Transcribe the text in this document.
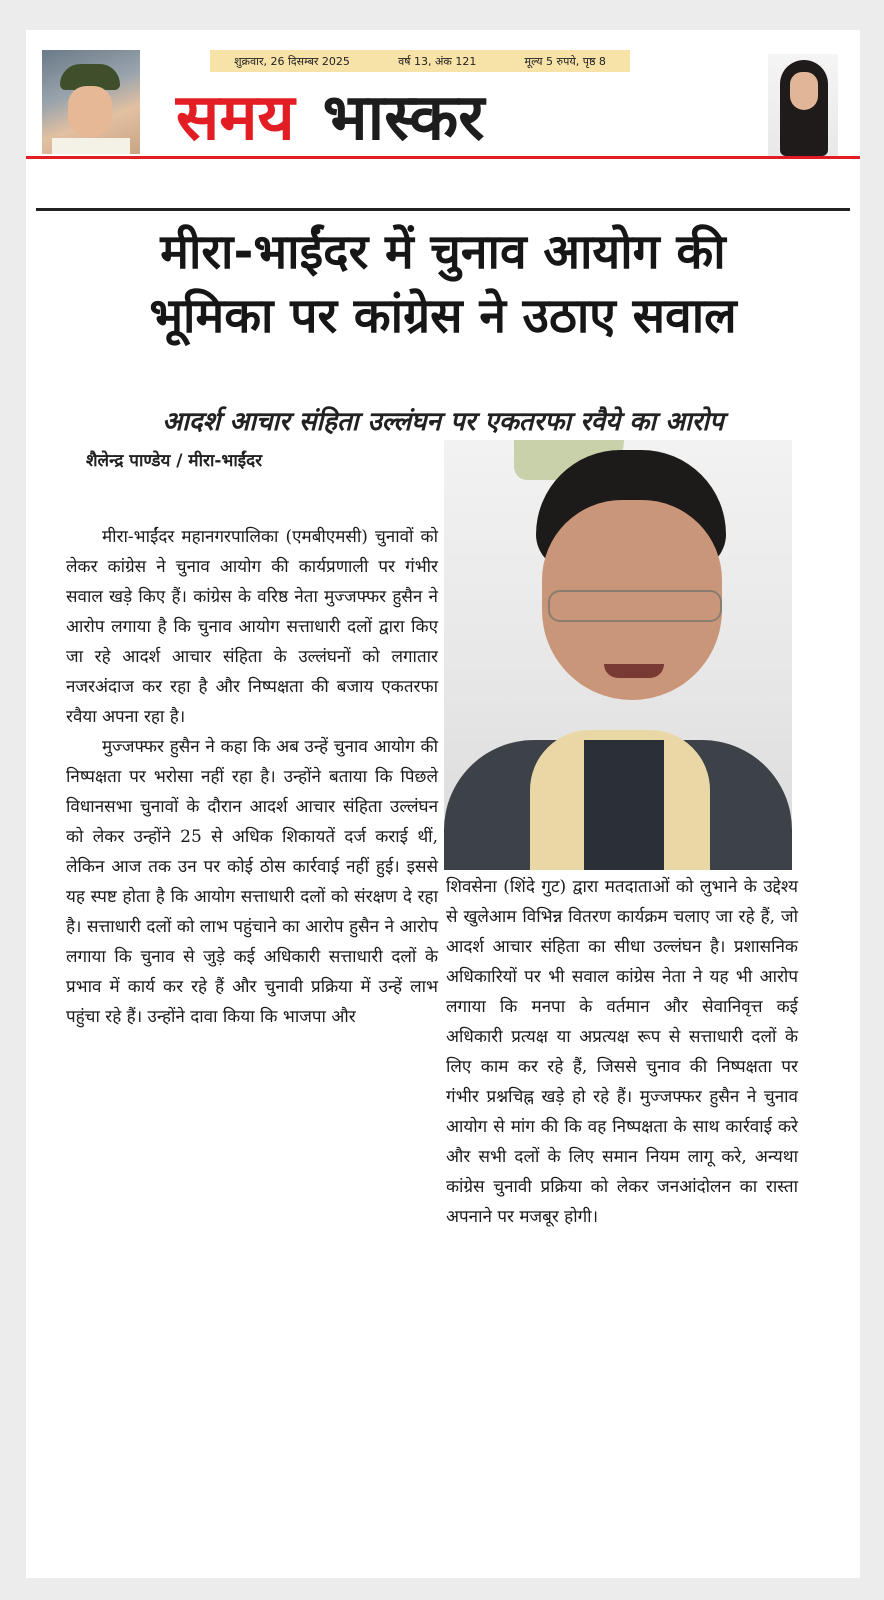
शुक्रवार, 26 दिसम्बर 2025	वर्ष 13, अंक 121	मूल्य 5 रुपये, पृष्ठ 8
समय भास्कर
मीरा-भाईंदर में चुनाव आयोग की
भूमिका पर कांग्रेस ने उठाए सवाल
आदर्श आचार संहिता उल्लंघन पर एकतरफा रवैये का आरोप
शैलेन्द्र पाण्डेय / मीरा-भाईंदर

मीरा-भाईंदर महानगरपालिका (एमबीएमसी) चुनावों को लेकर कांग्रेस ने चुनाव आयोग की कार्यप्रणाली पर गंभीर सवाल खड़े किए हैं। कांग्रेस के वरिष्ठ नेता मुज्जफ्फर हुसैन ने आरोप लगाया है कि चुनाव आयोग सत्ताधारी दलों द्वारा किए जा रहे आदर्श आचार संहिता के उल्लंघनों को लगातार नजरअंदाज कर रहा है और निष्पक्षता की बजाय एकतरफा रवैया अपना रहा है।

मुज्जफ्फर हुसैन ने कहा कि अब उन्हें चुनाव आयोग की निष्पक्षता पर भरोसा नहीं रहा है। उन्होंने बताया कि पिछले विधानसभा चुनावों के दौरान आदर्श आचार संहिता उल्लंघन को लेकर उन्होंने 25 से अधिक शिकायतें दर्ज कराई थीं, लेकिन आज तक उन पर कोई ठोस कार्रवाई नहीं हुई। इससे यह स्पष्ट होता है कि आयोग सत्ताधारी दलों को संरक्षण दे रहा है। सत्ताधारी दलों को लाभ पहुंचाने का आरोप हुसैन ने आरोप लगाया कि चुनाव से जुड़े कई अधिकारी सत्ताधारी दलों के प्रभाव में कार्य कर रहे हैं और चुनावी प्रक्रिया में उन्हें लाभ पहुंचा रहे हैं। उन्होंने दावा किया कि भाजपा और

शिवसेना (शिंदे गुट) द्वारा मतदाताओं को लुभाने के उद्देश्य से खुलेआम विभिन्न वितरण कार्यक्रम चलाए जा रहे हैं, जो आदर्श आचार संहिता का सीधा उल्लंघन है। प्रशासनिक अधिकारियों पर भी सवाल कांग्रेस नेता ने यह भी आरोप लगाया कि मनपा के वर्तमान और सेवानिवृत्त कई अधिकारी प्रत्यक्ष या अप्रत्यक्ष रूप से सत्ताधारी दलों के लिए काम कर रहे हैं, जिससे चुनाव की निष्पक्षता पर गंभीर प्रश्नचिह्न खड़े हो रहे हैं। मुज्जफ्फर हुसैन ने चुनाव आयोग से मांग की कि वह निष्पक्षता के साथ कार्रवाई करे और सभी दलों के लिए समान नियम लागू करे, अन्यथा कांग्रेस चुनावी प्रक्रिया को लेकर जनआंदोलन का रास्ता अपनाने पर मजबूर होगी।
